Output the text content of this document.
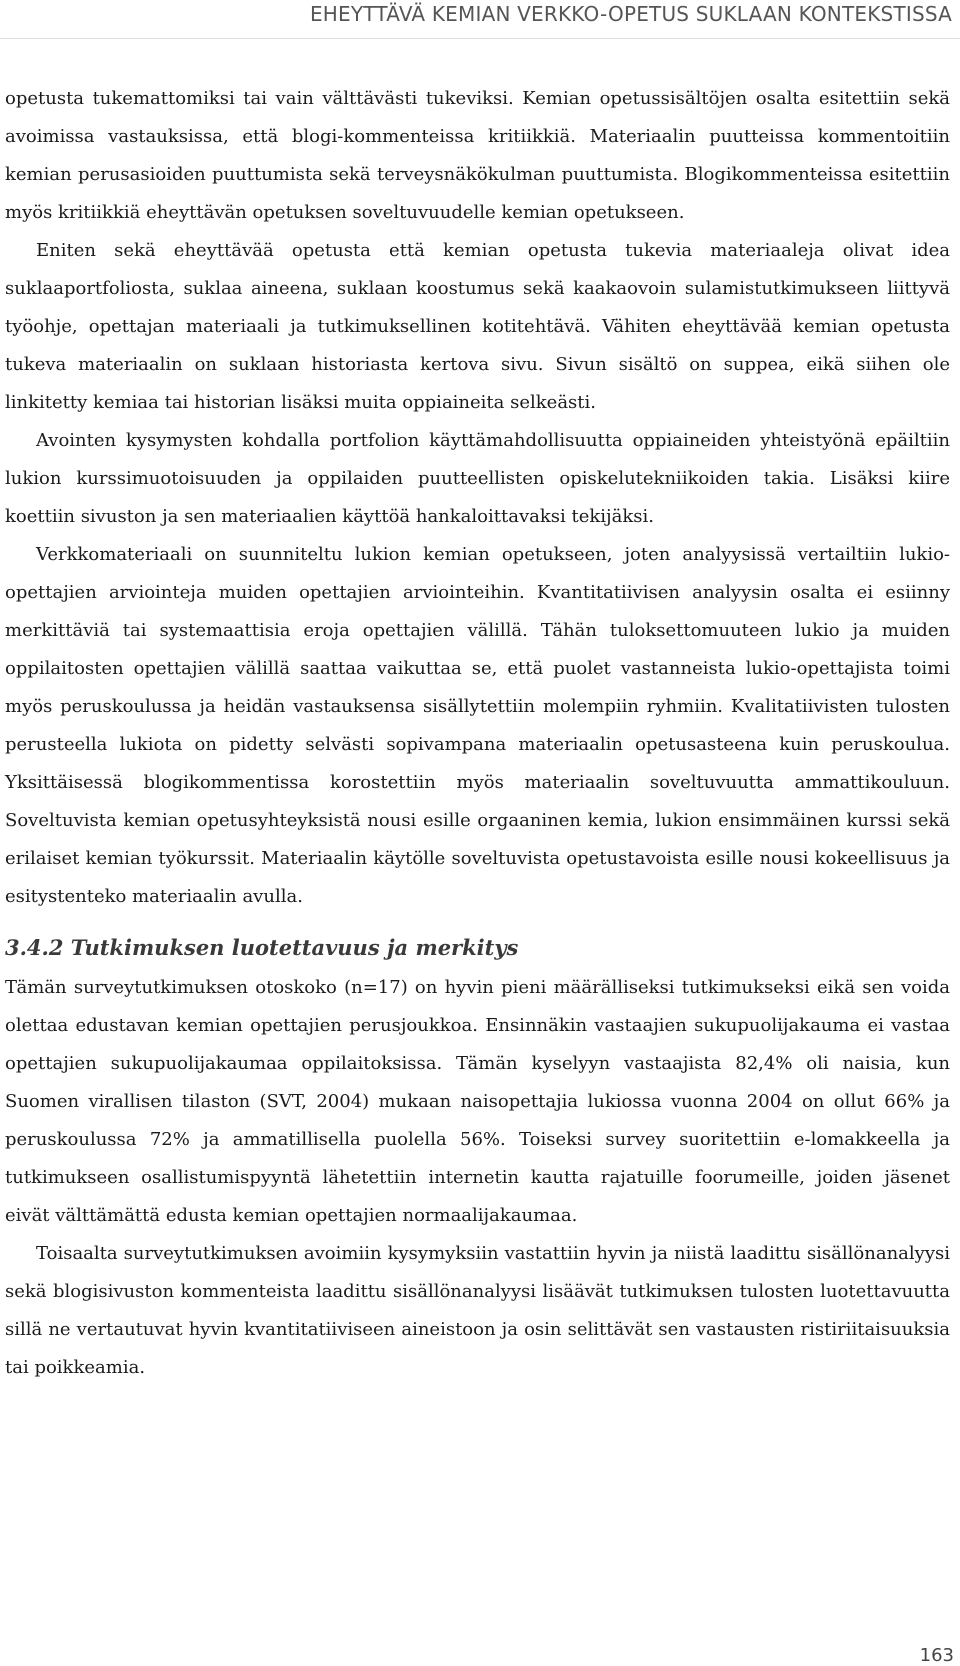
EHEYTTÄVÄ KEMIAN VERKKO-OPETUS SUKLAAN KONTEKSTISSA

opetusta tukemattomiksi tai vain välttävästi tukeviksi. Kemian opetussisältöjen osalta esitettiin sekä avoimissa vastauksissa, että blogi-kommenteissa kritiikkiä. Materiaalin puutteissa kommentoitiin kemian perusasioiden puuttumista sekä terveysnäkökulman puuttumista. Blogikommenteissa esitettiin myös kritiikkiä eheyttävän opetuksen soveltuvuudelle kemian opetukseen.

Eniten sekä eheyttävää opetusta että kemian opetusta tukevia materiaaleja olivat idea suklaaportfoliosta, suklaa aineena, suklaan koostumus sekä kaakaovoin sulamistutkimukseen liittyvä työohje, opettajan materiaali ja tutkimuksellinen kotitehtävä. Vähiten eheyttävää kemian opetusta tukeva materiaalin on suklaan historiasta kertova sivu. Sivun sisältö on suppea, eikä siihen ole linkitetty kemiaa tai historian lisäksi muita oppiaineita selkeästi.

Avointen kysymysten kohdalla portfolion käyttämahdollisuutta oppiaineiden yhteistyönä epäiltiin lukion kurssimuotoisuuden ja oppilaiden puutteellisten opiskelutekniikoiden takia. Lisäksi kiire koettiin sivuston ja sen materiaalien käyttöä hankaloittavaksi tekijäksi.

Verkkomateriaali on suunniteltu lukion kemian opetukseen, joten analyysissä vertailtiin lukio-opettajien arviointeja muiden opettajien arviointeihin. Kvantitatiivisen analyysin osalta ei esiinny merkittäviä tai systemaattisia eroja opettajien välillä. Tähän tuloksettomuuteen lukio ja muiden oppilaitosten opettajien välillä saattaa vaikuttaa se, että puolet vastanneista lukio-opettajista toimi myös peruskoulussa ja heidän vastauksensa sisällytettiin molempiin ryhmiin. Kvalitatiivisten tulosten perusteella lukiota on pidetty selvästi sopivampana materiaalin opetusasteena kuin peruskoulua. Yksittäisessä blogikommentissa korostettiin myös materiaalin soveltuvuutta ammattikouluun. Soveltuvista kemian opetusyhteyksistä nousi esille orgaaninen kemia, lukion ensimmäinen kurssi sekä erilaiset kemian työkurssit. Materiaalin käytölle soveltuvista opetustavoista esille nousi kokeellisuus ja esitystenteko materiaalin avulla.

3.4.2 Tutkimuksen luotettavuus ja merkitys

Tämän surveytutkimuksen otoskoko (n=17) on hyvin pieni määrälliseksi tutkimukseksi eikä sen voida olettaa edustavan kemian opettajien perusjoukkoa. Ensinnäkin vastaajien sukupuolijakauma ei vastaa opettajien sukupuolijakaumaa oppilaitoksissa. Tämän kyselyyn vastaajista 82,4% oli naisia, kun Suomen virallisen tilaston (SVT, 2004) mukaan naisopettajia lukiossa vuonna 2004 on ollut 66% ja peruskoulussa 72% ja ammatillisella puolella 56%. Toiseksi survey suoritettiin e-lomakkeella ja tutkimukseen osallistumispyyntä lähetettiin internetin kautta rajatuille foorumeille, joiden jäsenet eivät välttämättä edusta kemian opettajien normaalijakaumaa.

Toisaalta surveytutkimuksen avoimiin kysymyksiin vastattiin hyvin ja niistä laadittu sisällönanalyysi sekä blogisivuston kommenteista laadittu sisällönanalyysi lisäävät tutkimuksen tulosten luotettavuutta sillä ne vertautuvat hyvin kvantitatiiviseen aineistoon ja osin selittävät sen vastausten ristiriitaisuuksia tai poikkeamia.

163
